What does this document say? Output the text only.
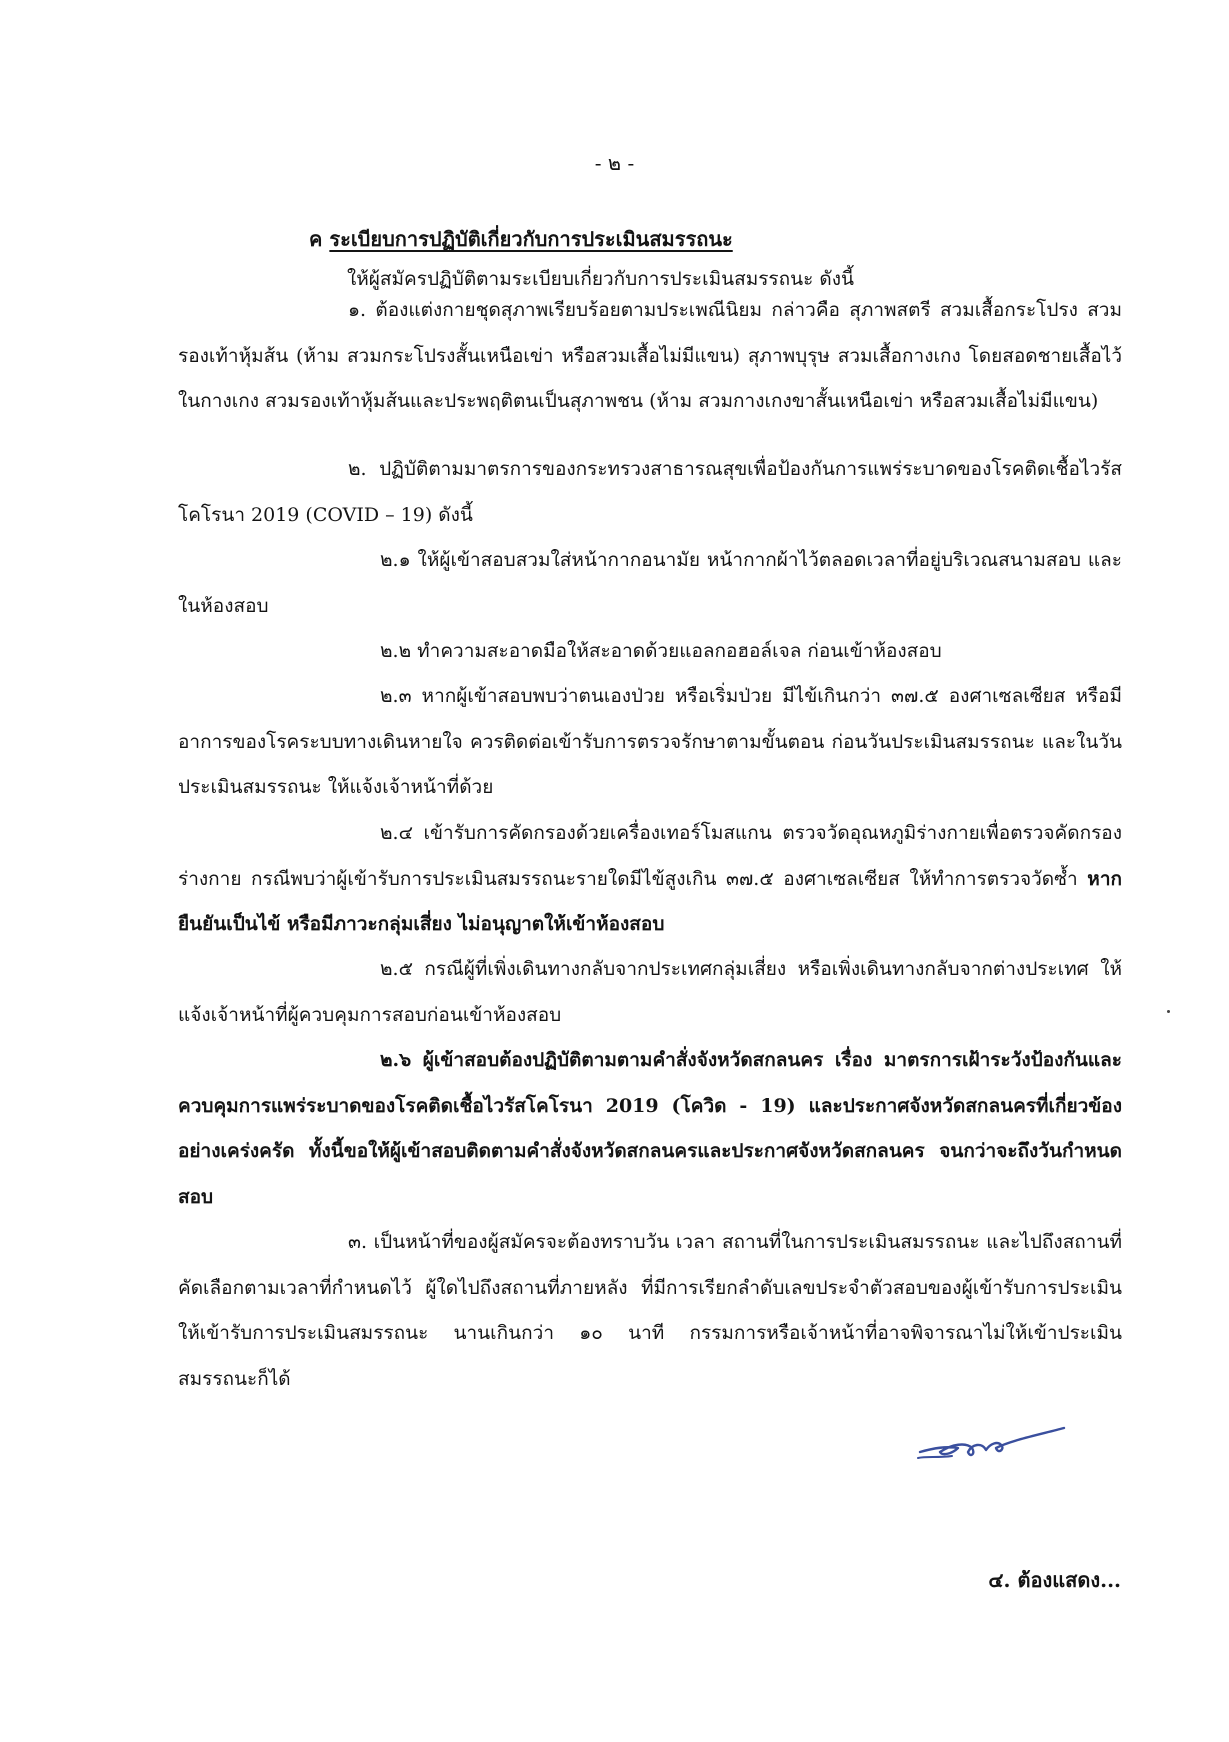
- ๒ -
ค ระเบียบการปฏิบัติเกี่ยวกับการประเมินสมรรถนะ
ให้ผู้สมัครปฏิบัติตามระเบียบเกี่ยวกับการประเมินสมรรถนะ ดังนี้

๑. ต้องแต่งกายชุดสุภาพเรียบร้อยตามประเพณีนิยม กล่าวคือ สุภาพสตรี สวมเสื้อกระโปรง สวมรองเท้าหุ้มส้น (ห้าม สวมกระโปรงสั้นเหนือเข่า หรือสวมเสื้อไม่มีแขน) สุภาพบุรุษ สวมเสื้อกางเกง โดยสอดชายเสื้อไว้ในกางเกง สวมรองเท้าหุ้มส้นและประพฤติตนเป็นสุภาพชน (ห้าม สวมกางเกงขาสั้นเหนือเข่า หรือสวมเสื้อไม่มีแขน)

๒. ปฏิบัติตามมาตรการของกระทรวงสาธารณสุขเพื่อป้องกันการแพร่ระบาดของโรคติดเชื้อไวรัสโคโรนา 2019 (COVID – 19) ดังนี้

๒.๑ ให้ผู้เข้าสอบสวมใส่หน้ากากอนามัย หน้ากากผ้าไว้ตลอดเวลาที่อยู่บริเวณสนามสอบ และในห้องสอบ

๒.๒ ทำความสะอาดมือให้สะอาดด้วยแอลกอฮอล์เจล ก่อนเข้าห้องสอบ

๒.๓ หากผู้เข้าสอบพบว่าตนเองป่วย หรือเริ่มป่วย มีไข้เกินกว่า ๓๗.๕ องศาเซลเซียส หรือมีอาการของโรคระบบทางเดินหายใจ ควรติดต่อเข้ารับการตรวจรักษาตามขั้นตอน ก่อนวันประเมินสมรรถนะ และในวันประเมินสมรรถนะ ให้แจ้งเจ้าหน้าที่ด้วย

๒.๔ เข้ารับการคัดกรองด้วยเครื่องเทอร์โมสแกน ตรวจวัดอุณหภูมิร่างกายเพื่อตรวจคัดกรองร่างกาย กรณีพบว่าผู้เข้ารับการประเมินสมรรถนะรายใดมีไข้สูงเกิน ๓๗.๕ องศาเซลเซียส ให้ทำการตรวจวัดซ้ำ หากยืนยันเป็นไข้ หรือมีภาวะกลุ่มเสี่ยง ไม่อนุญาตให้เข้าห้องสอบ

๒.๕ กรณีผู้ที่เพิ่งเดินทางกลับจากประเทศกลุ่มเสี่ยง หรือเพิ่งเดินทางกลับจากต่างประเทศ ให้แจ้งเจ้าหน้าที่ผู้ควบคุมการสอบก่อนเข้าห้องสอบ

๒.๖ ผู้เข้าสอบต้องปฏิบัติตามตามคำสั่งจังหวัดสกลนคร เรื่อง มาตรการเฝ้าระวังป้องกันและควบคุมการแพร่ระบาดของโรคติดเชื้อไวรัสโคโรนา 2019 (โควิด - 19) และประกาศจังหวัดสกลนครที่เกี่ยวข้อง อย่างเคร่งครัด ทั้งนี้ขอให้ผู้เข้าสอบติดตามคำสั่งจังหวัดสกลนครและประกาศจังหวัดสกลนคร จนกว่าจะถึงวันกำหนดสอบ

๓. เป็นหน้าที่ของผู้สมัครจะต้องทราบวัน เวลา สถานที่ในการประเมินสมรรถนะ และไปถึงสถานที่คัดเลือกตามเวลาที่กำหนดไว้ ผู้ใดไปถึงสถานที่ภายหลัง ที่มีการเรียกลำดับเลขประจำตัวสอบของผู้เข้ารับการประเมิน ให้เข้ารับการประเมินสมรรถนะ นานเกินกว่า ๑๐ นาที กรรมการหรือเจ้าหน้าที่อาจพิจารณาไม่ให้เข้าประเมินสมรรถนะก็ได้

๔. ต้องแสดง...
